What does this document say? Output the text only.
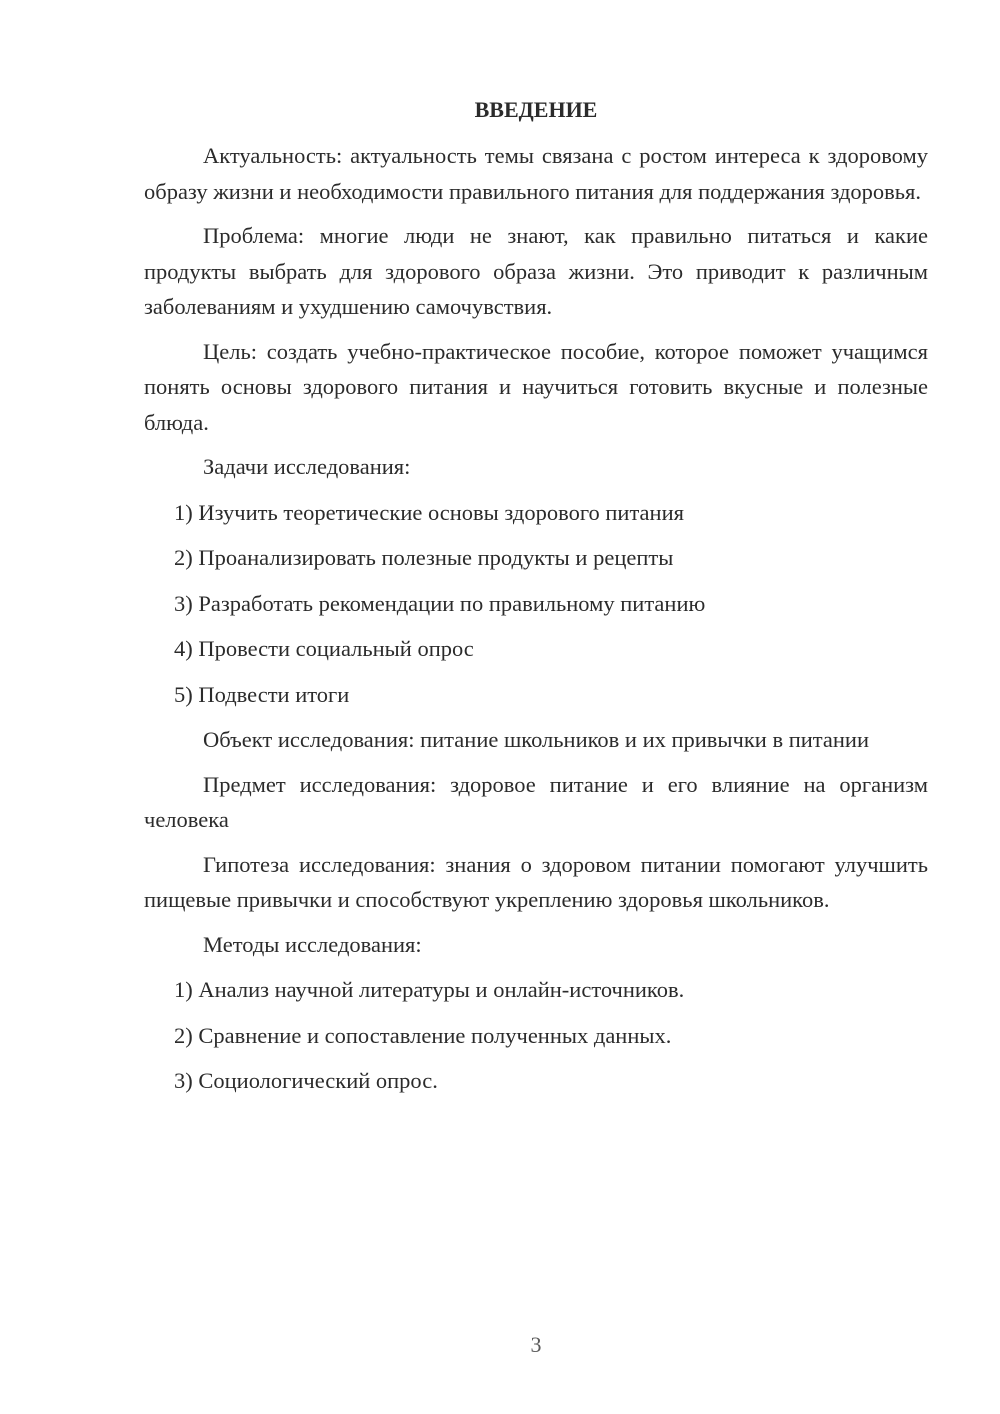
ВВЕДЕНИЕ

Актуальность: актуальность темы связана с ростом интереса к здоровому образу жизни и необходимости правильного питания для поддержания здоровья.

Проблема: многие люди не знают, как правильно питаться и какие продукты выбрать для здорового образа жизни. Это приводит к различным заболеваниям и ухудшению самочувствия.

Цель: создать учебно-практическое пособие, которое поможет учащимся понять основы здорового питания и научиться готовить вкусные и полезные блюда.

Задачи исследования:

1) Изучить теоретические основы здорового питания
2) Проанализировать полезные продукты и рецепты
3) Разработать рекомендации по правильному питанию
4) Провести социальный опрос
5) Подвести итоги

Объект исследования: питание школьников и их привычки в питании

Предмет исследования: здоровое питание и его влияние на организм человека

Гипотеза исследования: знания о здоровом питании помогают улучшить пищевые привычки и способствуют укреплению здоровья школьников.

Методы исследования:

1) Анализ научной литературы и онлайн-источников.
2) Сравнение и сопоставление полученных данных.
3) Социологический опрос.
3
